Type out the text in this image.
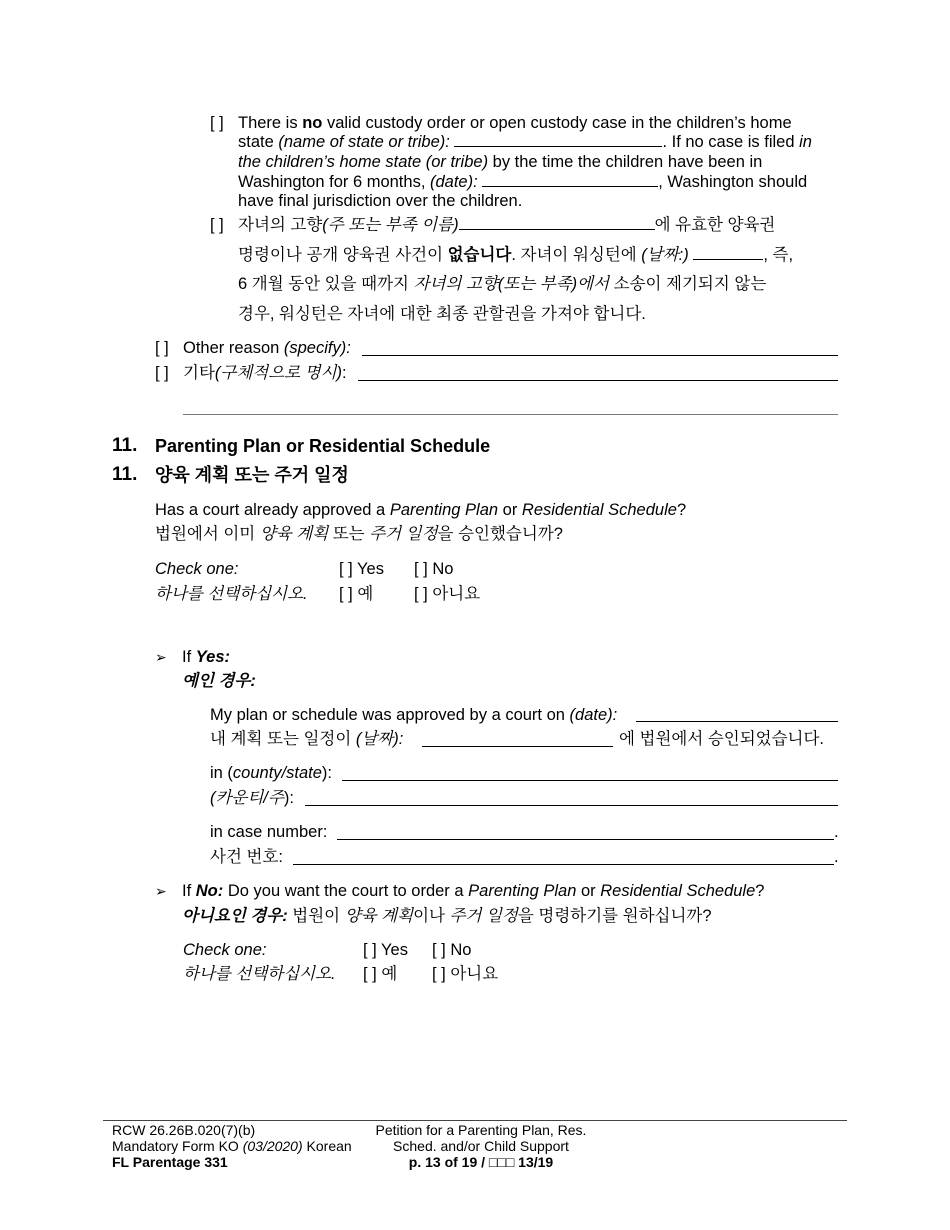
[ ] There is no valid custody order or open custody case in the children’s home
state (name of state or tribe):	. If no case is filed in
the children’s home state (or tribe) by the time the children have been in
Washington for 6 months, (date):	, Washington should
have final jurisdiction over the children.
[ ] 자녀의 고향(주 또는 부족 이름)	에 유효한 양육권
명령이나 공개 양육권 사건이 없습니다. 자녀이 워싱턴에 (날짜:)	, 즉,
6 개월 동안 있을 때까지 자녀의 고향(또는 부족)에서 소송이 제기되지 않는
경우, 워싱턴은 자녀에 대한 최종 관할권을 가져야 합니다.
[ ] Other reason (specify):
[ ] 기타(구체적으로 명시):
11. Parenting Plan or Residential Schedule
11. 양육 계획 또는 주거 일정
Has a court already approved a Parenting Plan or Residential Schedule?
법원에서 이미 양육 계획 또는 주거 일정을 승인했습니까?
Check one:	[ ] Yes [ ] No
하나를 선택하십시오. [ ] 예 [ ] 아니요
➢ If Yes:
예인 경우:
My plan or schedule was approved by a court on (date):
내 계획 또는 일정이 (날짜):	에 법원에서 승인되었습니다.
in (county/state):
(카운티/주):
in case number:	.
사건 번호:	.
➢ If No: Do you want the court to order a Parenting Plan or Residential Schedule?
아니요인 경우: 법원이 양육 계획이나 주거 일정을 명령하기를 원하십니까?
Check one:	[ ] Yes [ ] No
하나를 선택하십시오. [ ] 예 [ ] 아니요
RCW 26.26B.020(7)(b)
Mandatory Form KO (03/2020) Korean
FL Parentage 331
Petition for a Parenting Plan, Res.
Sched. and/or Child Support
p. 13 of 19 / □□□ 13/19
